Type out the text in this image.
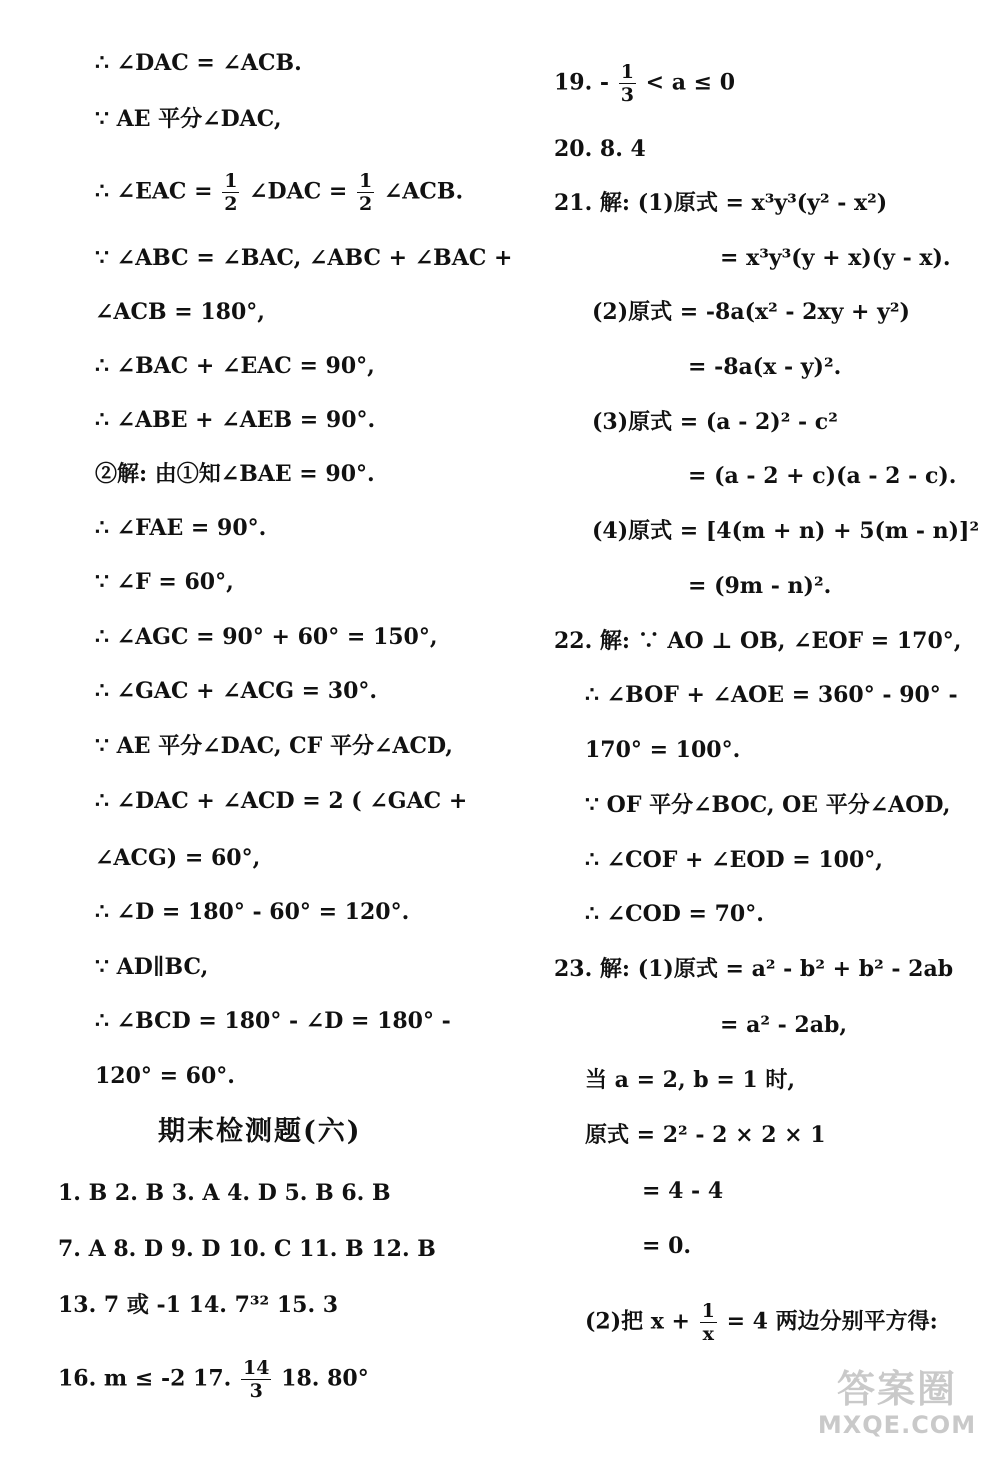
∴ ∠DAC = ∠ACB.
∵ AE 平分∠DAC,
∴ ∠EAC = $\frac{1}{2}$ ∠DAC = $\frac{1}{2}$ ∠ACB.
∵ ∠ABC = ∠BAC, ∠ABC + ∠BAC +
∠ACB = 180°,
∴ ∠BAC + ∠EAC = 90°,
∴ ∠ABE + ∠AEB = 90°.
②解: 由①知∠BAE = 90°.
∴ ∠FAE = 90°.
∵ ∠F = 60°,
∴ ∠AGC = 90° + 60° = 150°,
∴ ∠GAC + ∠ACG = 30°.
∵ AE 平分∠DAC, CF 平分∠ACD,
∴ ∠DAC + ∠ACD = 2 ( ∠GAC +
∠ACG) = 60°,
∴ ∠D = 180° - 60° = 120°.
∵ AD∥BC,
∴ ∠BCD = 180° - ∠D = 180° -
120° = 60°.
期末检测题(六)
1. B 2. B 3. A 4. D 5. B 6. B
7. A 8. D 9. D 10. C 11. B 12. B
13. 7 或 -1 14. 7³² 15. 3
16. m ≤ -2 17. $\frac{14}{3} 18$. 80°
19. - $\frac{1}{3} < a \le 0$
20. 8. 4
21. 解: (1)原式 = x³y³(y² - x²)
= x³y³(y + x)(y - x).
(2)原式 = -8a(x² - 2xy + y²)
= -8a(x - y)².
(3)原式 = (a - 2)² - c²
= (a - 2 + c)(a - 2 - c).
(4)原式 = [4(m + n) + 5(m - n)]²
= (9m - n)².
22. 解: ∵ AO ⊥ OB, ∠EOF = 170°,
∴ ∠BOF + ∠AOE = 360° - 90° -
170° = 100°.
∵ OF 平分∠BOC, OE 平分∠AOD,
∴ ∠COF + ∠EOD = 100°,
∴ ∠COD = 70°.
23. 解: (1)原式 = a² - b² + b² - 2ab
= a² - 2ab,
当 a = 2, b = 1 时,
原式 = 2² - 2 × 2 × 1
= 4 - 4
= 0.
(2)把 $x + \frac{1}{x} = 4$ 两边分别平方得:
答案圈
MXQE.COM
